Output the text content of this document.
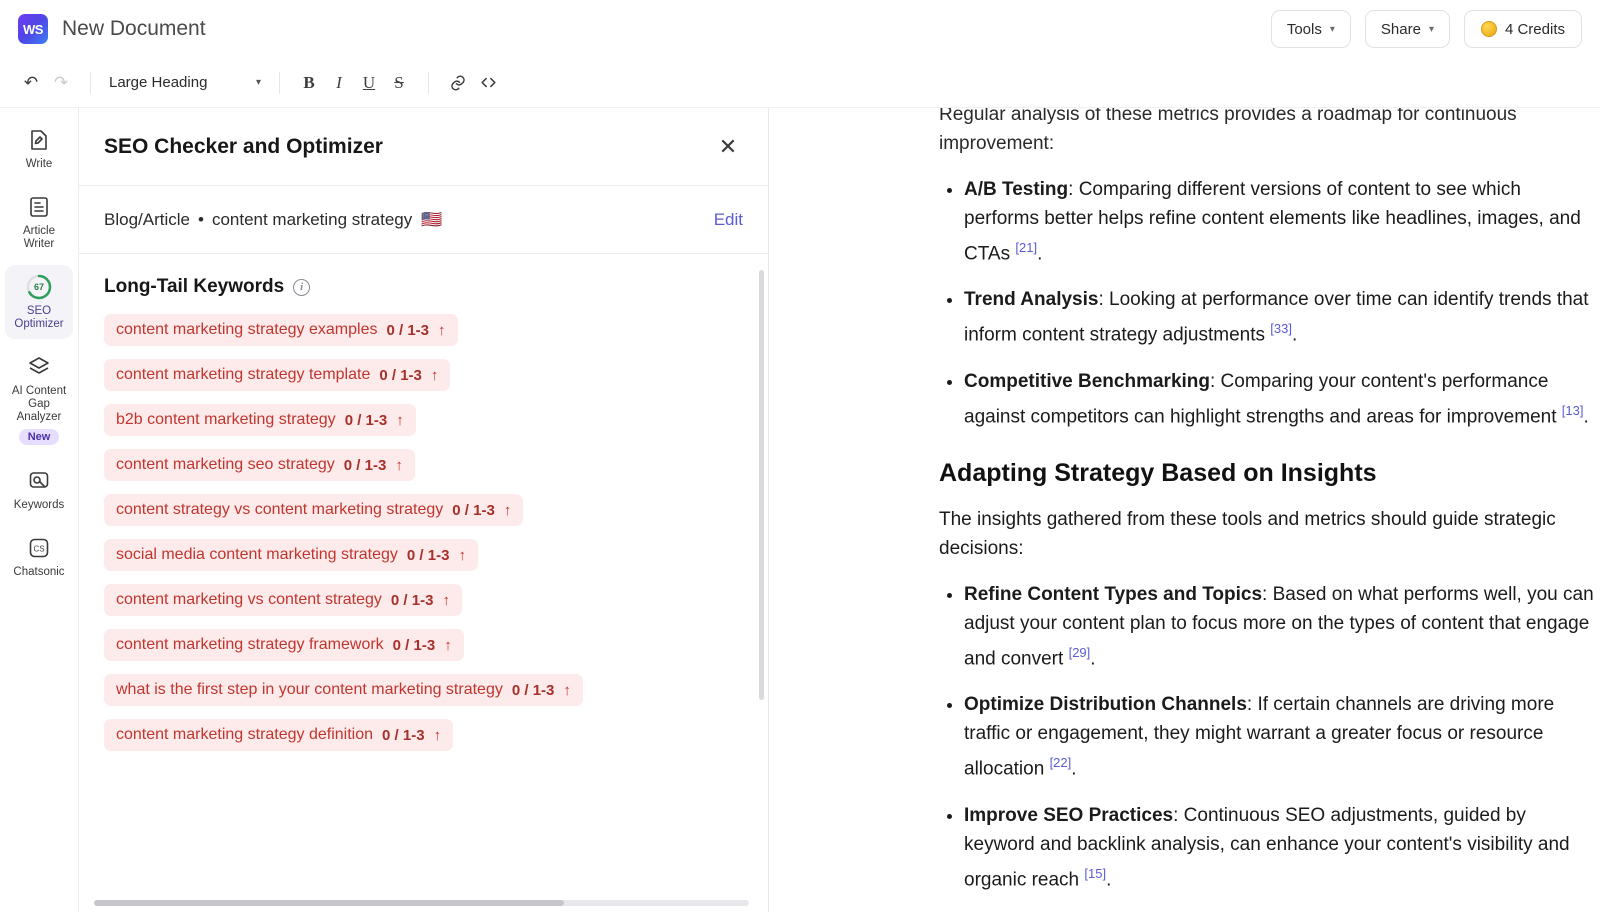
WS New Document	Tools ▾	Share ▾	4 Credits
↶ ↷	Large Heading	▾	B	I	U	S
Write
Article Writer
67
SEO Optimizer
AI Content Gap Analyzer
New
Keywords
CS
Chatsonic
SEO Checker and Optimizer	✕
Blog/Article • content marketing strategy 🇺🇸	Edit
Long-Tail Keywords	i
content marketing strategy examples 0 / 1-3 ↑
content marketing strategy template 0 / 1-3 ↑
b2b content marketing strategy 0 / 1-3 ↑
content marketing seo strategy 0 / 1-3 ↑
content strategy vs content marketing strategy 0 / 1-3 ↑
social media content marketing strategy 0 / 1-3 ↑
content marketing vs content strategy 0 / 1-3 ↑
content marketing strategy framework 0 / 1-3 ↑
what is the first step in your content marketing strategy 0 / 1-3 ↑
content marketing strategy definition 0 / 1-3 ↑

Regular analysis of these metrics provides a roadmap for continuous improvement:

• A/B Testing: Comparing different versions of content to see which performs better helps refine content elements like headlines, images, and CTAs [21].
• Trend Analysis: Looking at performance over time can identify trends that inform content strategy adjustments [33].
• Competitive Benchmarking: Comparing your content's performance against competitors can highlight strengths and areas for improvement [13].
Adapting Strategy Based on Insights

The insights gathered from these tools and metrics should guide strategic decisions:

• Refine Content Types and Topics: Based on what performs well, you can adjust your content plan to focus more on the types of content that engage and convert [29].
• Optimize Distribution Channels: If certain channels are driving more traffic or engagement, they might warrant a greater focus or resource allocation [22].
• Improve SEO Practices: Continuous SEO adjustments, guided by keyword and backlink analysis, can enhance your content's visibility and organic reach [15].
